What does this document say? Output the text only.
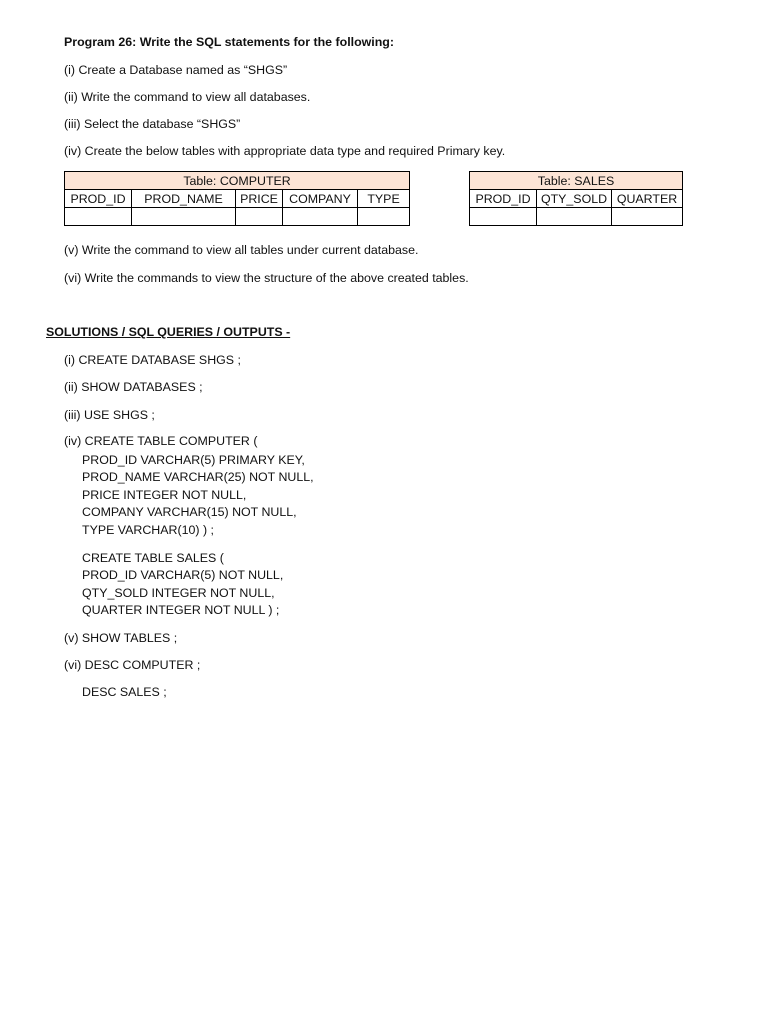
Program 26: Write the SQL statements for the following:
(i) Create a Database named as “SHGS”
(ii) Write the command to view all databases.
(iii) Select the database “SHGS”
(iv) Create the below tables with appropriate data type and required Primary key.
Table: COMPUTER				
PROD_ID	PROD_NAME	PRICE	COMPANY	TYPE

Table: SALES		
PROD_ID	QTY_SOLD	QUARTER

(v) Write the command to view all tables under current database.
(vi) Write the commands to view the structure of the above created tables.
SOLUTIONS / SQL QUERIES / OUTPUTS -
(i) CREATE DATABASE SHGS ;
(ii) SHOW DATABASES ;
(iii) USE SHGS ;
(iv) CREATE TABLE COMPUTER (
PROD_ID VARCHAR(5) PRIMARY KEY,
PROD_NAME VARCHAR(25) NOT NULL,
PRICE INTEGER NOT NULL,
COMPANY VARCHAR(15) NOT NULL,
TYPE VARCHAR(10) ) ;
CREATE TABLE SALES (
PROD_ID VARCHAR(5) NOT NULL,
QTY_SOLD INTEGER NOT NULL,
QUARTER INTEGER NOT NULL ) ;
(v) SHOW TABLES ;
(vi) DESC COMPUTER ;
DESC SALES ;
